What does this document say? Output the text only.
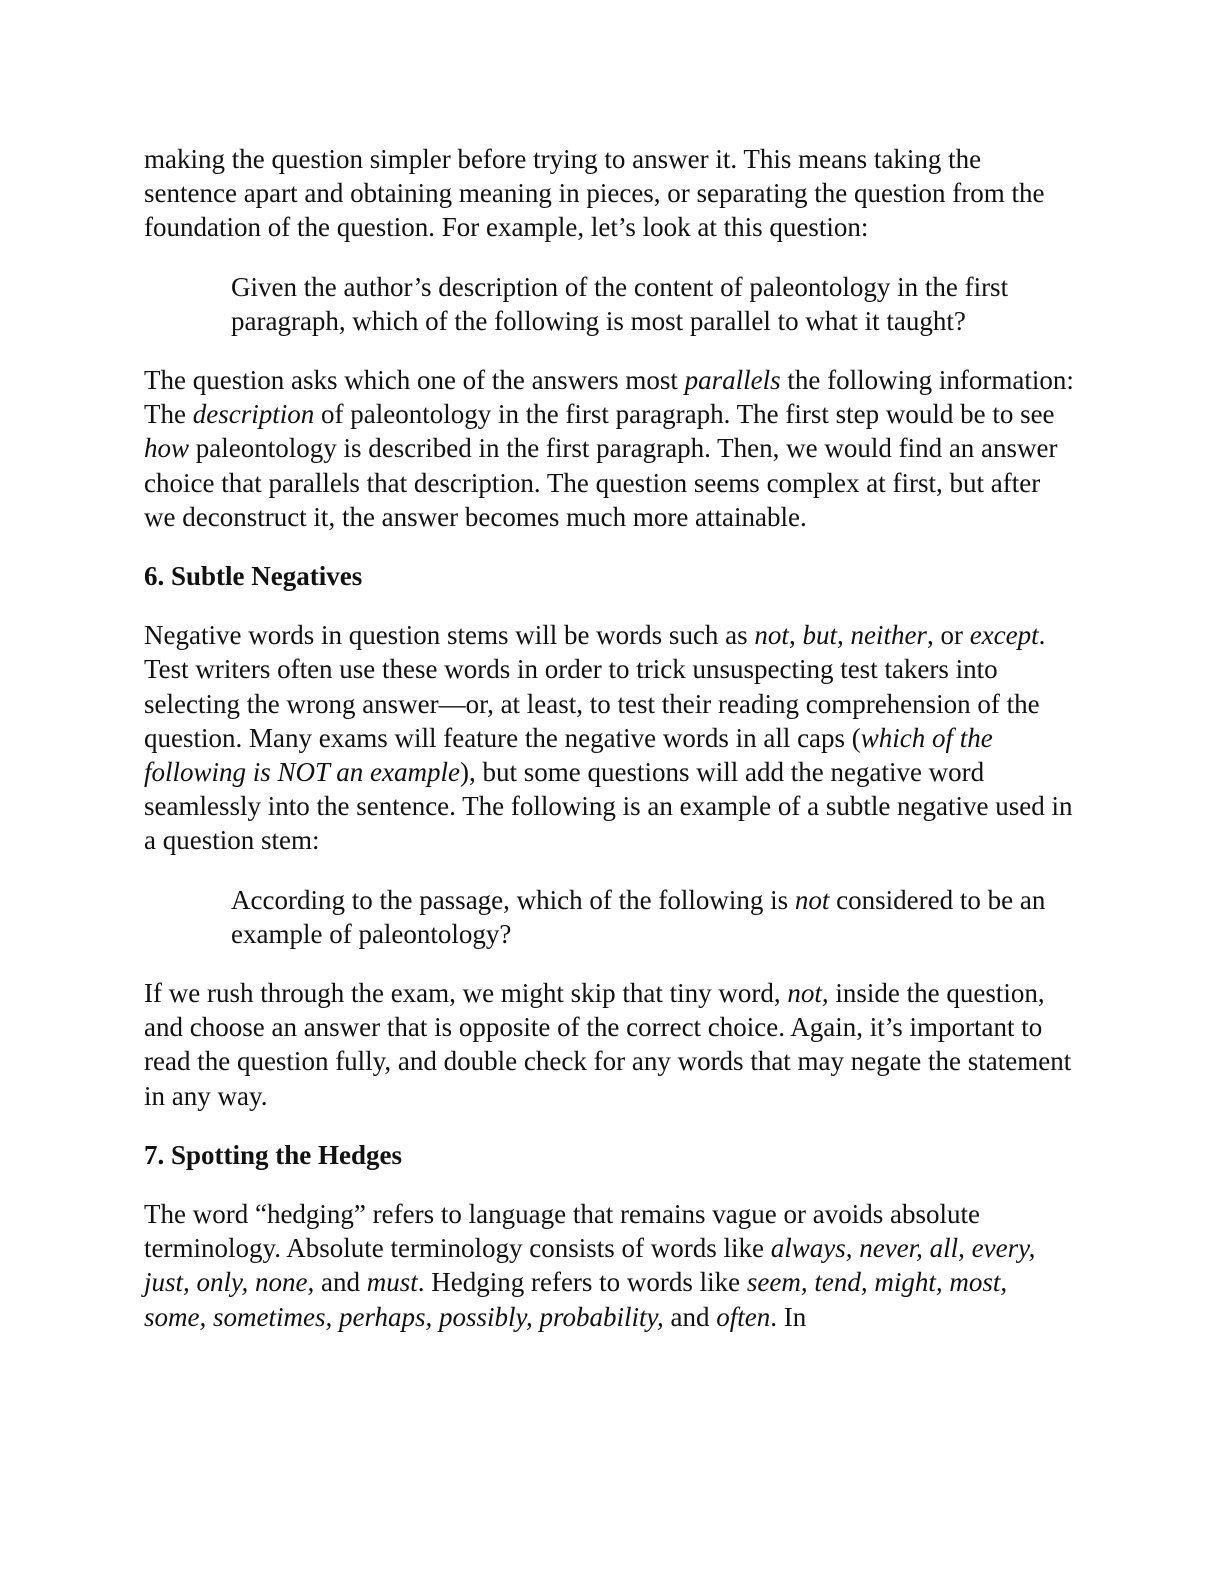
making the question simpler before trying to answer it. This means taking the sentence apart and obtaining meaning in pieces, or separating the question from the foundation of the question. For example, let’s look at this question:

Given the author’s description of the content of paleontology in the first paragraph, which of the following is most parallel to what it taught?

The question asks which one of the answers most parallels the following information: The description of paleontology in the first paragraph. The first step would be to see how paleontology is described in the first paragraph. Then, we would find an answer choice that parallels that description. The question seems complex at first, but after we deconstruct it, the answer becomes much more attainable.

6. Subtle Negatives

Negative words in question stems will be words such as not, but, neither, or except. Test writers often use these words in order to trick unsuspecting test takers into selecting the wrong answer—or, at least, to test their reading comprehension of the question. Many exams will feature the negative words in all caps (which of the following is NOT an example), but some questions will add the negative word seamlessly into the sentence. The following is an example of a subtle negative used in a question stem:

According to the passage, which of the following is not considered to be an example of paleontology?

If we rush through the exam, we might skip that tiny word, not, inside the question, and choose an answer that is opposite of the correct choice. Again, it’s important to read the question fully, and double check for any words that may negate the statement in any way.

7. Spotting the Hedges

The word “hedging” refers to language that remains vague or avoids absolute terminology. Absolute terminology consists of words like always, never, all, every, just, only, none, and must. Hedging refers to words like seem, tend, might, most, some, sometimes, perhaps, possibly, probability, and often. In
